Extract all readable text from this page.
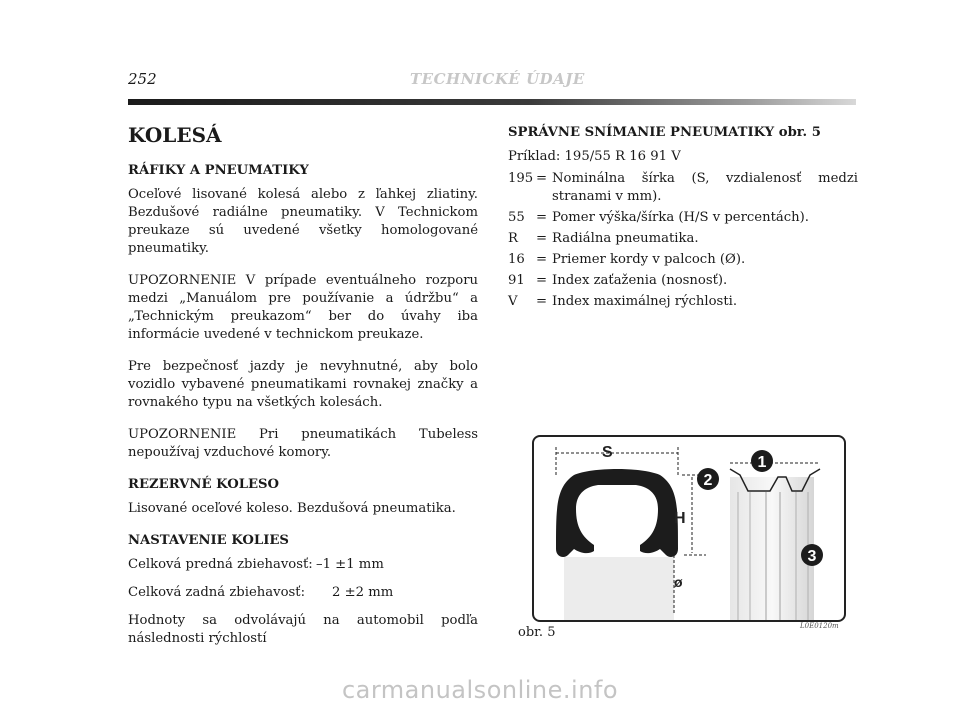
252	TECHNICKÉ ÚDAJE
KOLESÁ
RÁFIKY A PNEUMATIKY

Oceľové lisované kolesá alebo z ľahkej zliatiny. Bezdušové radiálne pneumatiky. V Technickom preukaze sú uvedené všetky homologované pneumatiky.

UPOZORNENIE V prípade eventuálneho rozporu medzi „Manuálom pre používanie a údržbu“ a „Technickým preukazom“ ber do úvahy iba informácie uvedené v technickom preukaze.

Pre bezpečnosť jazdy je nevyhnutné, aby bolo vozidlo vybavené pneumatikami rovnakej značky a rovnakého typu na všetkých kolesách.

UPOZORNENIE Pri pneumatikách Tubeless nepoužívaj vzduchové komory.

REZERVNÉ KOLESO

Lisované oceľové koleso. Bezdušová pneumatika.

NASTAVENIE KOLIES
Celková predná zbiehavosť: –1 ±1 mm
Celková zadná zbiehavosť:	2 ±2 mm

Hodnoty sa odvolávajú na automobil podľa následnosti rýchlostí

SPRÁVNE SNÍMANIE PNEUMATIKY obr. 5
Príklad: 195/55 R 16 91 V
195 = Nominálna šírka (S, vzdialenosť medzi stranami v mm).
55 = Pomer výška/šírka (H/S v percentách).
R	= Radiálna pneumatika.
16 = Priemer kordy v palcoch (Ø).
91 = Index zaťaženia (nosnosť).
V	= Index maximálnej rýchlosti.
S
H
ø
1
2
3
obr. 5	L0E0120m
carmanualsonline.info
